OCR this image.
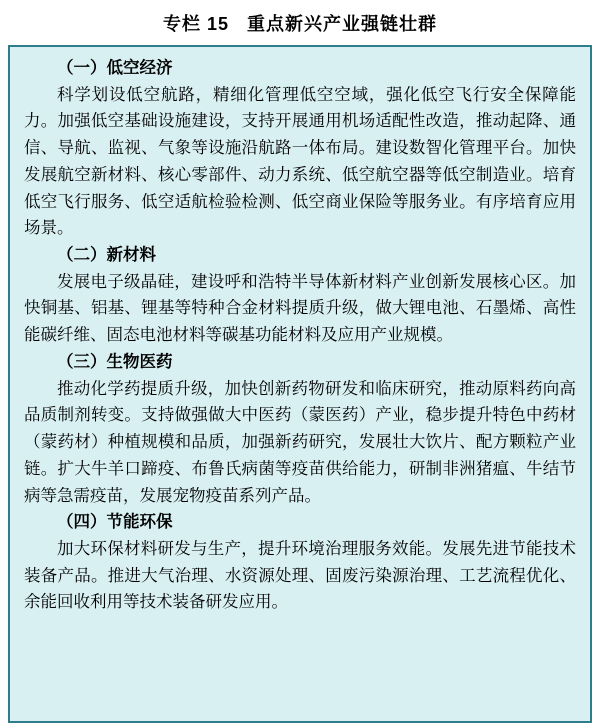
专栏 15 重点新兴产业强链壮群

（一）低空经济

科学划设低空航路，精细化管理低空空域，强化低空飞行安全保障能力。加强低空基础设施建设，支持开展通用机场适配性改造，推动起降、通信、导航、监视、气象等设施沿航路一体布局。建设数智化管理平台。加快发展航空新材料、核心零部件、动力系统、低空航空器等低空制造业。培育低空飞行服务、低空适航检验检测、低空商业保险等服务业。有序培育应用场景。

（二）新材料

发展电子级晶硅，建设呼和浩特半导体新材料产业创新发展核心区。加快铜基、铝基、锂基等特种合金材料提质升级，做大锂电池、石墨烯、高性能碳纤维、固态电池材料等碳基功能材料及应用产业规模。

（三）生物医药

推动化学药提质升级，加快创新药物研发和临床研究，推动原料药向高品质制剂转变。支持做强做大中医药（蒙医药）产业，稳步提升特色中药材（蒙药材）种植规模和品质，加强新药研究，发展壮大饮片、配方颗粒产业链。扩大牛羊口蹄疫、布鲁氏病菌等疫苗供给能力，研制非洲猪瘟、牛结节病等急需疫苗，发展宠物疫苗系列产品。

（四）节能环保

加大环保材料研发与生产，提升环境治理服务效能。发展先进节能技术装备产品。推进大气治理、水资源处理、固废污染源治理、工艺流程优化、余能回收利用等技术装备研发应用。
